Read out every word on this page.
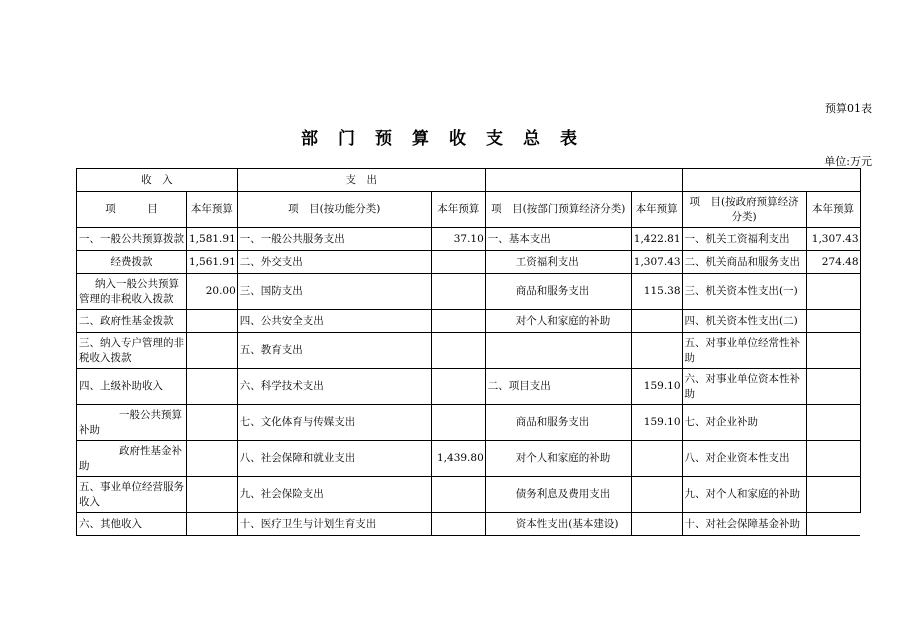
预算01表
部门预算收支总表
单位:万元
收　入		支　出					
项　　　目	本年预算	项　目(按功能分类)	本年预算	项　目(按部门预算经济分类)	本年预算	项　目(按政府预算经济分类)	本年预算
一、一般公共预算拨款	1,581.91	一、一般公共服务支出	37.10	一、基本支出	1,422.81	一、机关工资福利支出	1,307.43
经费拨款	1,561.91	二、外交支出		工资福利支出	1,307.43	二、机关商品和服务支出	274.48
纳入一般公共预算管理的非税收入拨款	20.00	三、国防支出		商品和服务支出	115.38	三、机关资本性支出(一)	
二、政府性基金拨款		四、公共安全支出		对个人和家庭的补助		四、机关资本性支出(二)	
三、纳入专户管理的非税收入拨款		五、教育支出				五、对事业单位经常性补助	
四、上级补助收入		六、科学技术支出		二、项目支出	159.10	六、对事业单位资本性补助	
一般公共预算补助		七、文化体育与传媒支出		商品和服务支出	159.10	七、对企业补助	
政府性基金补助		八、社会保障和就业支出	1,439.80	对个人和家庭的补助		八、对企业资本性支出	
五、事业单位经营服务收入		九、社会保险支出		债务利息及费用支出		九、对个人和家庭的补助	
六、其他收入		十、医疗卫生与计划生育支出		资本性支出(基本建设)		十、对社会保障基金补助	
